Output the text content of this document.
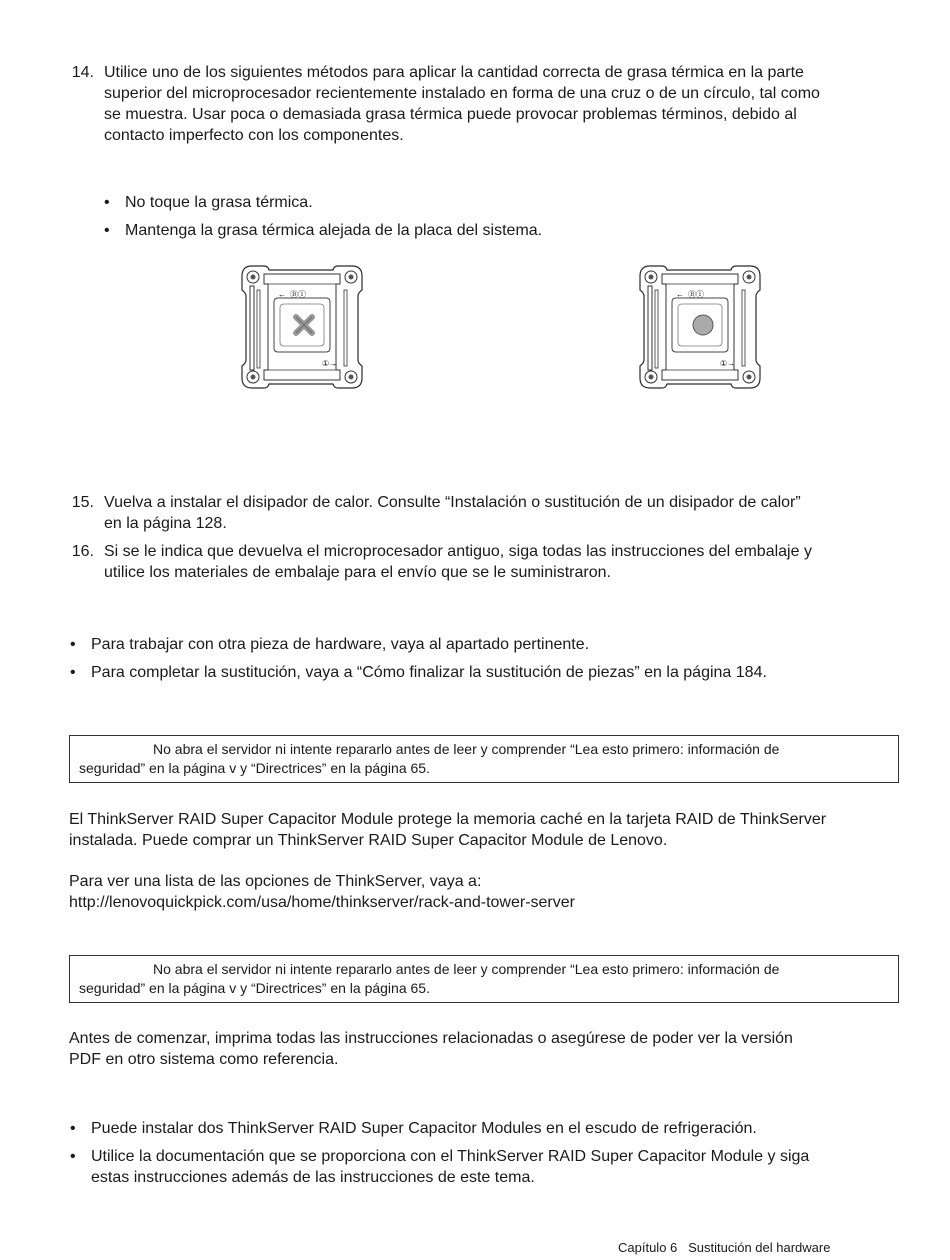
14. Utilice uno de los siguientes métodos para aplicar la cantidad correcta de grasa térmica en la parte
superior del microprocesador recientemente instalado en forma de una cruz o de un círculo, tal como
se muestra. Usar poca o demasiada grasa térmica puede provocar problemas términos, debido al
contacto imperfecto con los componentes.
• No toque la grasa térmica.
• Mantenga la grasa térmica alejada de la placa del sistema.
← Ⓑ①
①→
← Ⓑ①
①→
15. Vuelva a instalar el disipador de calor. Consulte “Instalación o sustitución de un disipador de calor”
en la página 128.
16. Si se le indica que devuelva el microprocesador antiguo, siga todas las instrucciones del embalaje y
utilice los materiales de embalaje para el envío que se le suministraron.
• Para trabajar con otra pieza de hardware, vaya al apartado pertinente.
• Para completar la sustitución, vaya a “Cómo finalizar la sustitución de piezas” en la página 184.
No abra el servidor ni intente repararlo antes de leer y comprender “Lea esto primero: información de
seguridad” en la página v y “Directrices” en la página 65.
El ThinkServer RAID Super Capacitor Module protege la memoria caché en la tarjeta RAID de ThinkServer
instalada. Puede comprar un ThinkServer RAID Super Capacitor Module de Lenovo.
Para ver una lista de las opciones de ThinkServer, vaya a:
http://lenovoquickpick.com/usa/home/thinkserver/rack-and-tower-server
No abra el servidor ni intente repararlo antes de leer y comprender “Lea esto primero: información de
seguridad” en la página v y “Directrices” en la página 65.
Antes de comenzar, imprima todas las instrucciones relacionadas o asegúrese de poder ver la versión
PDF en otro sistema como referencia.
• Puede instalar dos ThinkServer RAID Super Capacitor Modules en el escudo de refrigeración.
• Utilice la documentación que se proporciona con el ThinkServer RAID Super Capacitor Module y siga
estas instrucciones además de las instrucciones de este tema.
Capítulo 6 Sustitución del hardware
